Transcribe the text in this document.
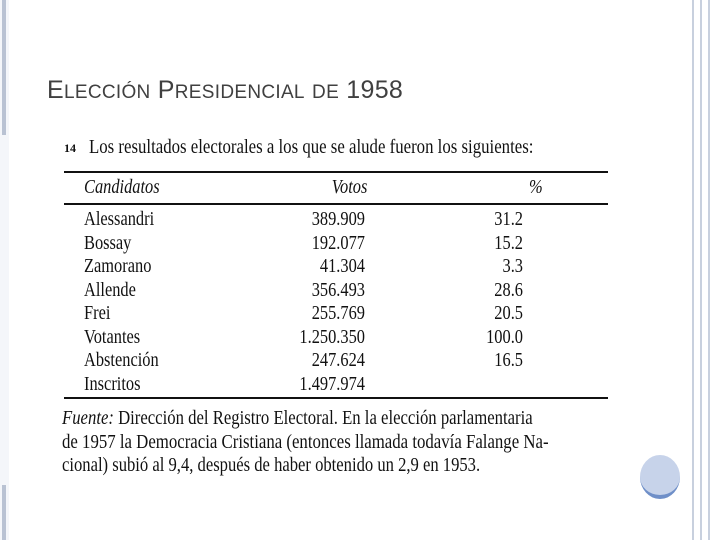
ELECCIÓN PRESIDENCIAL DE 1958
14 Los resultados electorales a los que se alude fueron los siguientes:
Candidatos	Votos	%
Alessandri	389.909	31.2
Bossay	192.077	15.2
Zamorano	41.304	3.3
Allende	356.493	28.6
Frei	255.769	20.5
Votantes	1.250.350	100.0
Abstención	247.624	16.5
Inscritos	1.497.974
Fuente: Dirección del Registro Electoral. En la elección parlamentaria
de 1957 la Democracia Cristiana (entonces llamada todavía Falange Na-
cional) subió al 9,4, después de haber obtenido un 2,9 en 1953.
